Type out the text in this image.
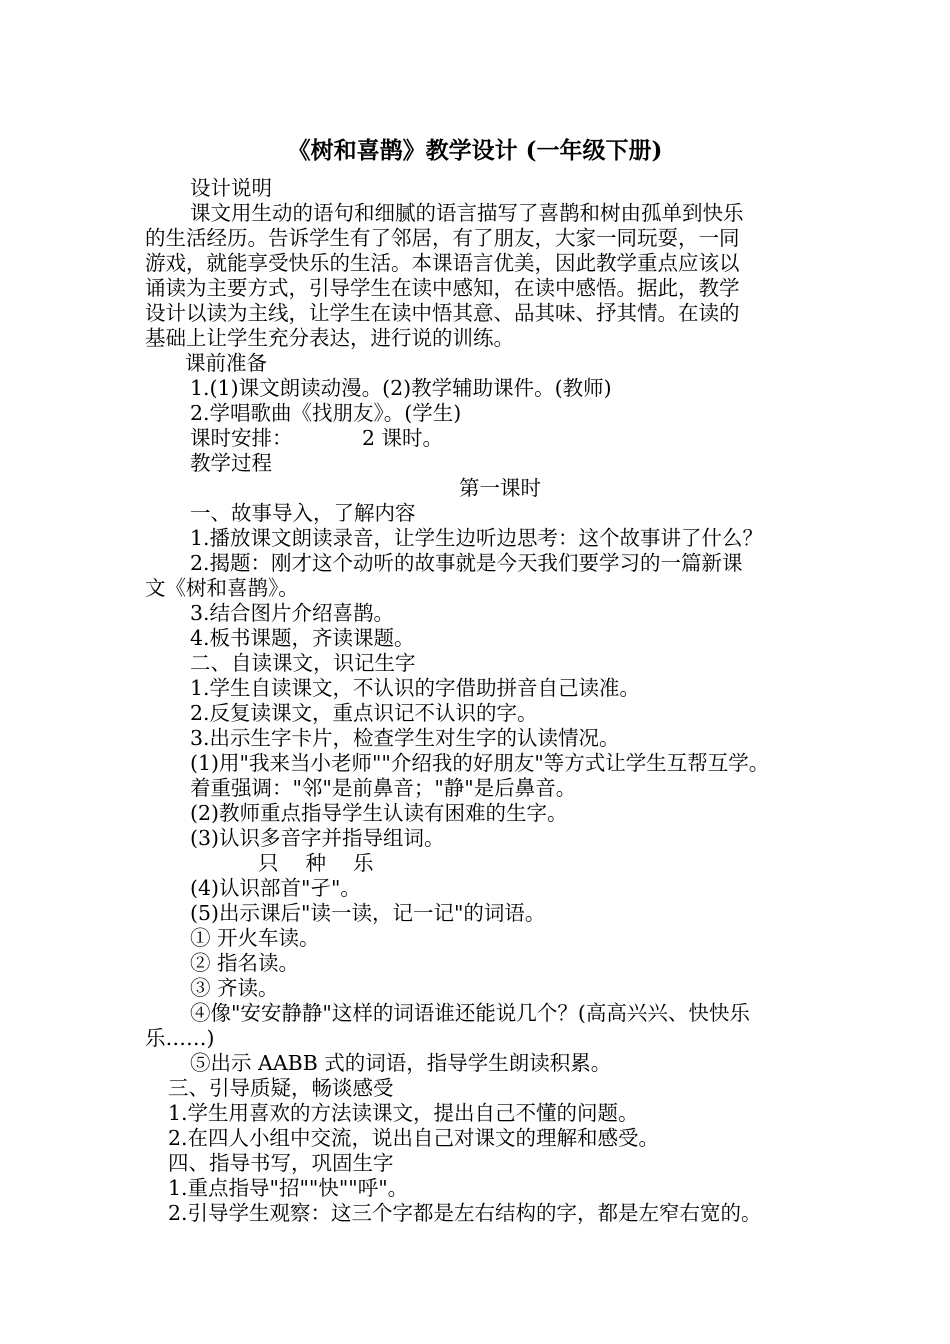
《树和喜鹊》教学设计 (一年级下册)
设计说明
课文用生动的语句和细腻的语言描写了喜鹊和树由孤单到快乐
的生活经历。告诉学生有了邻居，有了朋友，大家一同玩耍，一同
游戏，就能享受快乐的生活。本课语言优美，因此教学重点应该以
诵读为主要方式，引导学生在读中感知，在读中感悟。据此，教学
设计以读为主线，让学生在读中悟其意、品其味、抒其情。在读的
基础上让学生充分表达，进行说的训练。
课前准备
1.(1)课文朗读动漫。(2)教学辅助课件。(教师)
2.学唱歌曲《找朋友》。(学生)
课时安排：	2 课时。
教学过程
第一课时
一、故事导入，了解内容
1.播放课文朗读录音，让学生边听边思考：这个故事讲了什么？
2.揭题：刚才这个动听的故事就是今天我们要学习的一篇新课
文《树和喜鹊》。
3.结合图片介绍喜鹊。
4.板书课题，齐读课题。
二、自读课文，识记生字
1.学生自读课文，不认识的字借助拼音自己读准。
2.反复读课文，重点识记不认识的字。
3.出示生字卡片，检查学生对生字的认读情况。
(1)用"我来当小老师""介绍我的好朋友"等方式让学生互帮互学。
着重强调："邻"是前鼻音；"静"是后鼻音。
(2)教师重点指导学生认读有困难的生字。
(3)认识多音字并指导组词。
只　 种　 乐
(4)认识部首"孑"。
(5)出示课后"读一读，记一记"的词语。
① 开火车读。
② 指名读。
③ 齐读。
④像"安安静静"这样的词语谁还能说几个？(高高兴兴、快快乐
乐……)
⑤出示 AABB 式的词语，指导学生朗读积累。
三、引导质疑，畅谈感受
1.学生用喜欢的方法读课文，提出自己不懂的问题。
2.在四人小组中交流，说出自己对课文的理解和感受。
四、指导书写，巩固生字
1.重点指导"招""快""呼"。
2.引导学生观察：这三个字都是左右结构的字，都是左窄右宽的。
